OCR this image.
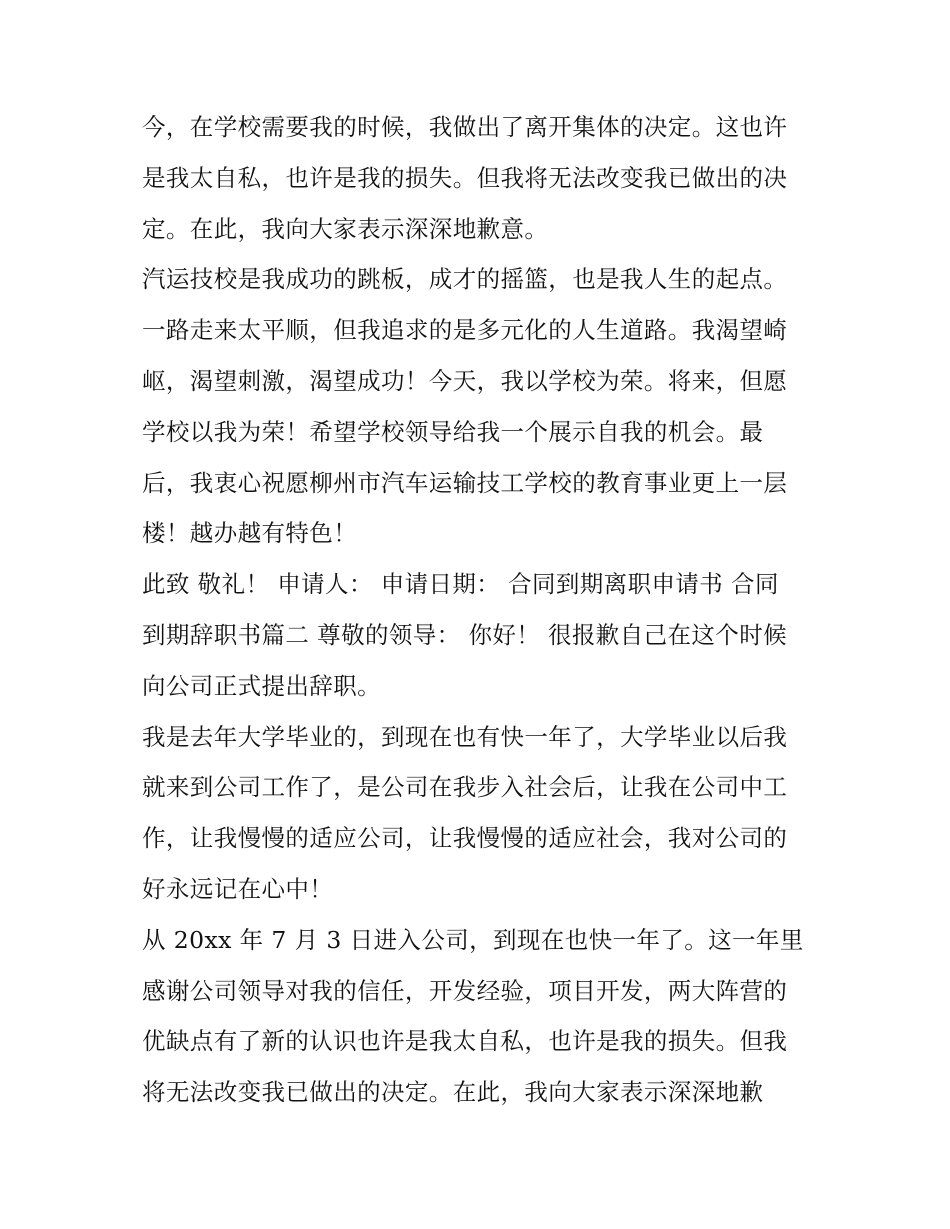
今，在学校需要我的时候，我做出了离开集体的决定。这也许
是我太自私，也许是我的损失。但我将无法改变我已做出的决
定。在此，我向大家表示深深地歉意。
汽运技校是我成功的跳板，成才的摇篮，也是我人生的起点。
一路走来太平顺，但我追求的是多元化的人生道路。我渴望崎
岖，渴望刺激，渴望成功！今天，我以学校为荣。将来，但愿
学校以我为荣！希望学校领导给我一个展示自我的机会。最
后，我衷心祝愿柳州市汽车运输技工学校的教育事业更上一层
楼！越办越有特色！
此致 敬礼！ 申请人： 申请日期： 合同到期离职申请书 合同
到期辞职书篇二 尊敬的领导： 你好！ 很报歉自己在这个时候
向公司正式提出辞职。
我是去年大学毕业的，到现在也有快一年了，大学毕业以后我
就来到公司工作了，是公司在我步入社会后，让我在公司中工
作，让我慢慢的适应公司，让我慢慢的适应社会，我对公司的
好永远记在心中！
从 20xx 年 7 月 3 日进入公司，到现在也快一年了。这一年里
感谢公司领导对我的信任，开发经验，项目开发，两大阵营的
优缺点有了新的认识也许是我太自私，也许是我的损失。但我
将无法改变我已做出的决定。在此，我向大家表示深深地歉
